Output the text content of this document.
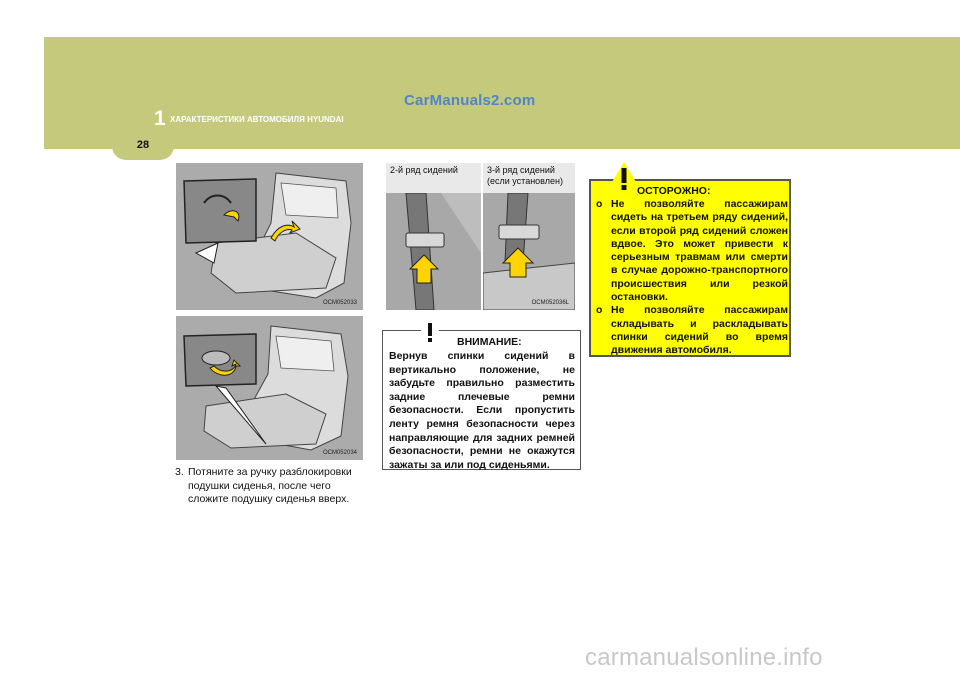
CarManuals2.com
1 ХАРАКТЕРИСТИКИ АВТОМОБИЛЯ HYUNDAI
28
OCM052033
OCM052034
2-й ряд сидений	3-й ряд сидений (если установлен)
OCM052036L
3. Потяните за ручку разблокировки подушки сиденья, после чего сложите подушку сиденья вверх.
ВНИМАНИЕ:
Вернув спинки сидений в вертикально положение, не забудьте правильно разместить задние плечевые ремни безопасности. Если пропустить ленту ремня безопасности через направляющие для задних ремней безопасности, ремни не окажутся зажаты за или под сиденьями.
ОСТОРОЖНО:
o Не позволяйте пассажирам сидеть на третьем ряду сидений, если второй ряд сидений сложен вдвое. Это может привести к серьезным травмам или смерти в случае дорожно-транспортного происшествия или резкой остановки.
o Не позволяйте пассажирам складывать и раскладывать спинки сидений во время движения автомобиля.
carmanualsonline.info
